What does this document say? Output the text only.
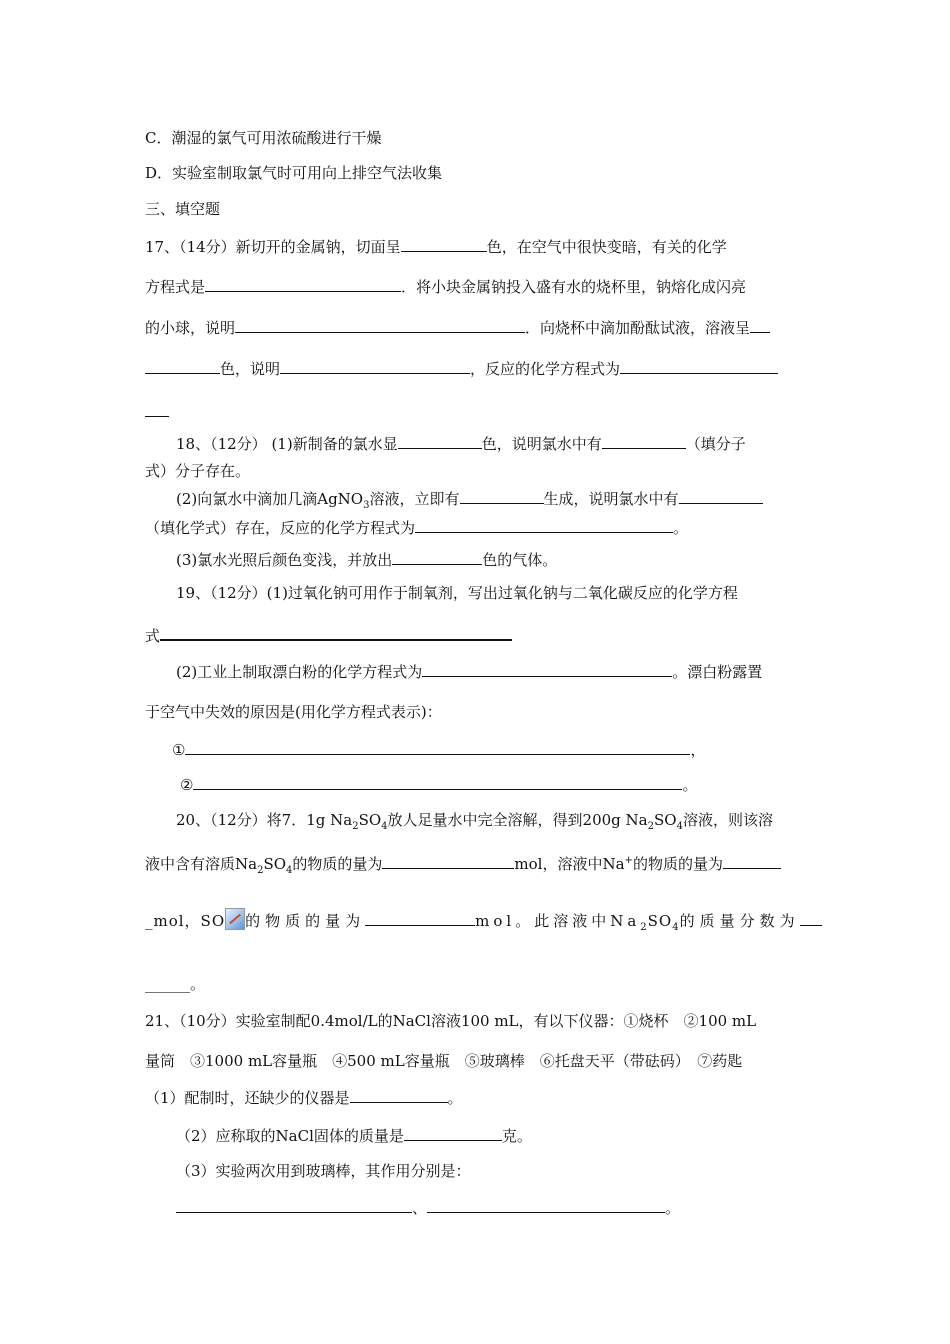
C．潮湿的氯气可用浓硫酸进行干燥
D．实验室制取氯气时可用向上排空气法收集
三、填空题
17、（14分）新切开的金属钠，切面呈	色，在空气中很快变暗，有关的化学
方程式是	．将小块金属钠投入盛有水的烧杯里，钠熔化成闪亮
的小球，说明	．向烧杯中滴加酚酞试液，溶液呈
色，说明	，反应的化学方程式为
18、（12分） (1)新制备的氯水显	色，说明氯水中有	（填分子
式）分子存在。
(2)向氯水中滴加几滴AgNO$_3$溶液，立即有	生成，说明氯水中有
（填化学式）存在，反应的化学方程式为	。
(3)氯水光照后颜色变浅，并放出	色的气体。
19、（12分）(1)过氧化钠可用作于制氧剂，写出过氧化钠与二氧化碳反应的化学方程
式
(2)工业上制取漂白粉的化学方程式为	。漂白粉露置
于空气中失效的原因是(用化学方程式表示)：
①	，
②	。
20、（12分）将7．1g $Na_2SO_4$放人足量水中完全溶解，得到200g $Na_2SO_4$溶液，则该溶
液中含有溶质$Na_2SO_4$的物质的量为	mol，溶液中Na+的物质的量为
_mol，SO 的物质的量为	mol。此溶液中$Na_2SO_4$的质量分数为
______。
21、（10分）实验室制配0.4mol/L的NaCl溶液100 mL，有以下仪器：①烧杯　②100 mL
量筒　③1000 mL容量瓶　④500 mL容量瓶　⑤玻璃棒　⑥托盘天平（带砝码）　⑦药匙
（1）配制时，还缺少的仪器是	。
（2）应称取的NaCl固体的质量是	克。
（3）实验两次用到玻璃棒，其作用分别是：
、	。
